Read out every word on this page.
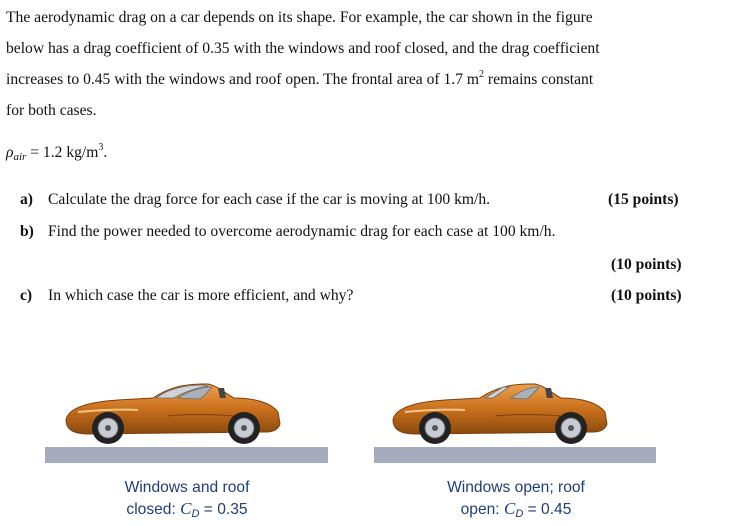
The aerodynamic drag on a car depends on its shape. For example, the car shown in the figure
below has a drag coefficient of 0.35 with the windows and roof closed, and the drag coefficient
increases to 0.45 with the windows and roof open. The frontal area of 1.7 $m^2$ remains constant
for both cases.

ρair = 1.2 $kg/m^3$.
a) Calculate the drag force for each case if the car is moving at 100 km/h.	(15 points)
b) Find the power needed to overcome aerodynamic drag for each case at 100 km/h.
(10 points)
c) In which case the car is more efficient, and why?	(10 points)
Windows and roof
closed: CD = 0.35
Windows open; roof
open: CD = 0.45
